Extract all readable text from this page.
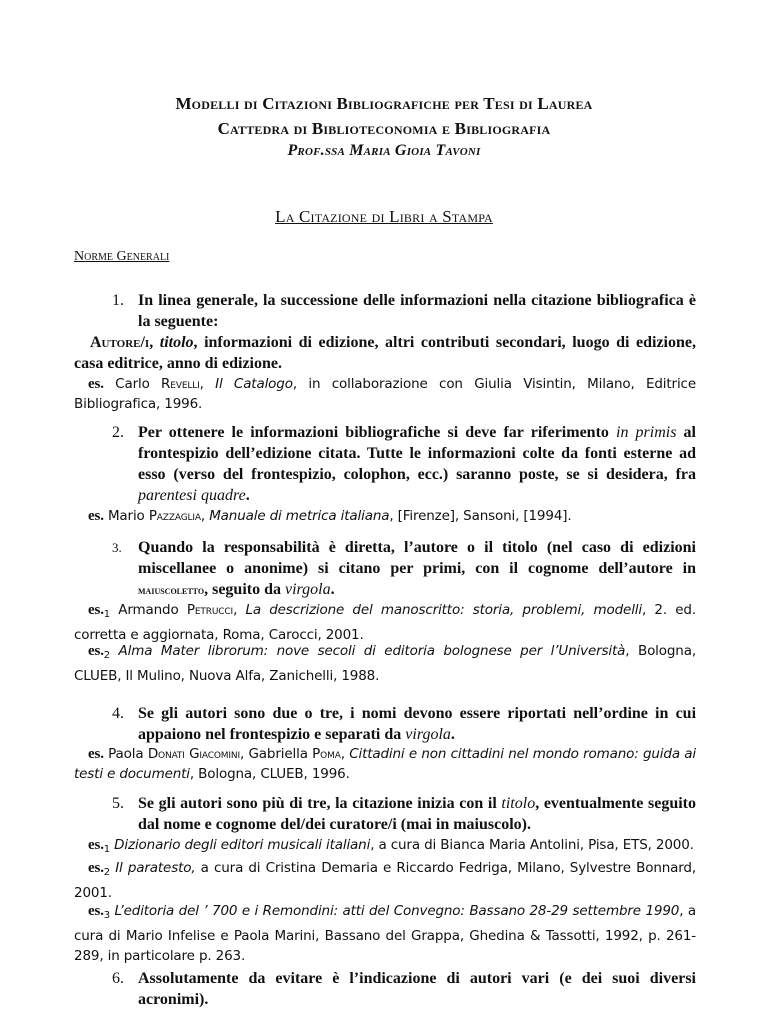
Modelli di Citazioni Bibliografiche per Tesi di Laurea
Cattedra di Biblioteconomia e Bibliografia
Prof.ssa Maria Gioia Tavoni
La Citazione di Libri a Stampa
Norme Generali
1. In linea generale, la successione delle informazioni nella citazione bibliografica è la seguente:
Autore/i, titolo, informazioni di edizione, altri contributi secondari, luogo di edizione, casa editrice, anno di edizione.
es. Carlo Revelli, Il Catalogo, in collaborazione con Giulia Visintin, Milano, Editrice Bibliografica, 1996.
2. Per ottenere le informazioni bibliografiche si deve far riferimento in primis al frontespizio dell’edizione citata. Tutte le informazioni colte da fonti esterne ad esso (verso del frontespizio, colophon, ecc.) saranno poste, se si desidera, fra parentesi quadre.
es. Mario Pazzaglia, Manuale di metrica italiana, [Firenze], Sansoni, [1994].
3.	Quando la responsabilità è diretta, l’autore o il titolo (nel caso di edizioni miscellanee o anonime) si citano per primi, con il cognome dell’autore in maiuscoletto, seguito da virgola.
$es._1$ Armando Petrucci, La descrizione del manoscritto: storia, problemi, modelli, 2. ed. corretta e aggiornata, Roma, Carocci, 2001.
$es._2$ Alma Mater librorum: nove secoli di editoria bolognese per l’Università, Bologna, CLUEB, Il Mulino, Nuova Alfa, Zanichelli, 1988.
4. Se gli autori sono due o tre, i nomi devono essere riportati nell’ordine in cui appaiono nel frontespizio e separati da virgola.
es. Paola Donati Giacomini, Gabriella Poma, Cittadini e non cittadini nel mondo romano: guida ai testi e documenti, Bologna, CLUEB, 1996.
5. Se gli autori sono più di tre, la citazione inizia con il titolo, eventualmente seguito dal nome e cognome del/dei curatore/i (mai in maiuscolo).
$es._1$ Dizionario degli editori musicali italiani, a cura di Bianca Maria Antolini, Pisa, ETS, 2000.
$es._2$ Il paratesto, a cura di Cristina Demaria e Riccardo Fedriga, Milano, Sylvestre Bonnard, 2001.
$es._3$ L’editoria del ’ 700 e i Remondini: atti del Convegno: Bassano 28-29 settembre 1990, a cura di Mario Infelise e Paola Marini, Bassano del Grappa, Ghedina & Tassotti, 1992, p. 261-289, in particolare p. 263.
6. Assolutamente da evitare è l’indicazione di autori vari (e dei suoi diversi acronimi).
